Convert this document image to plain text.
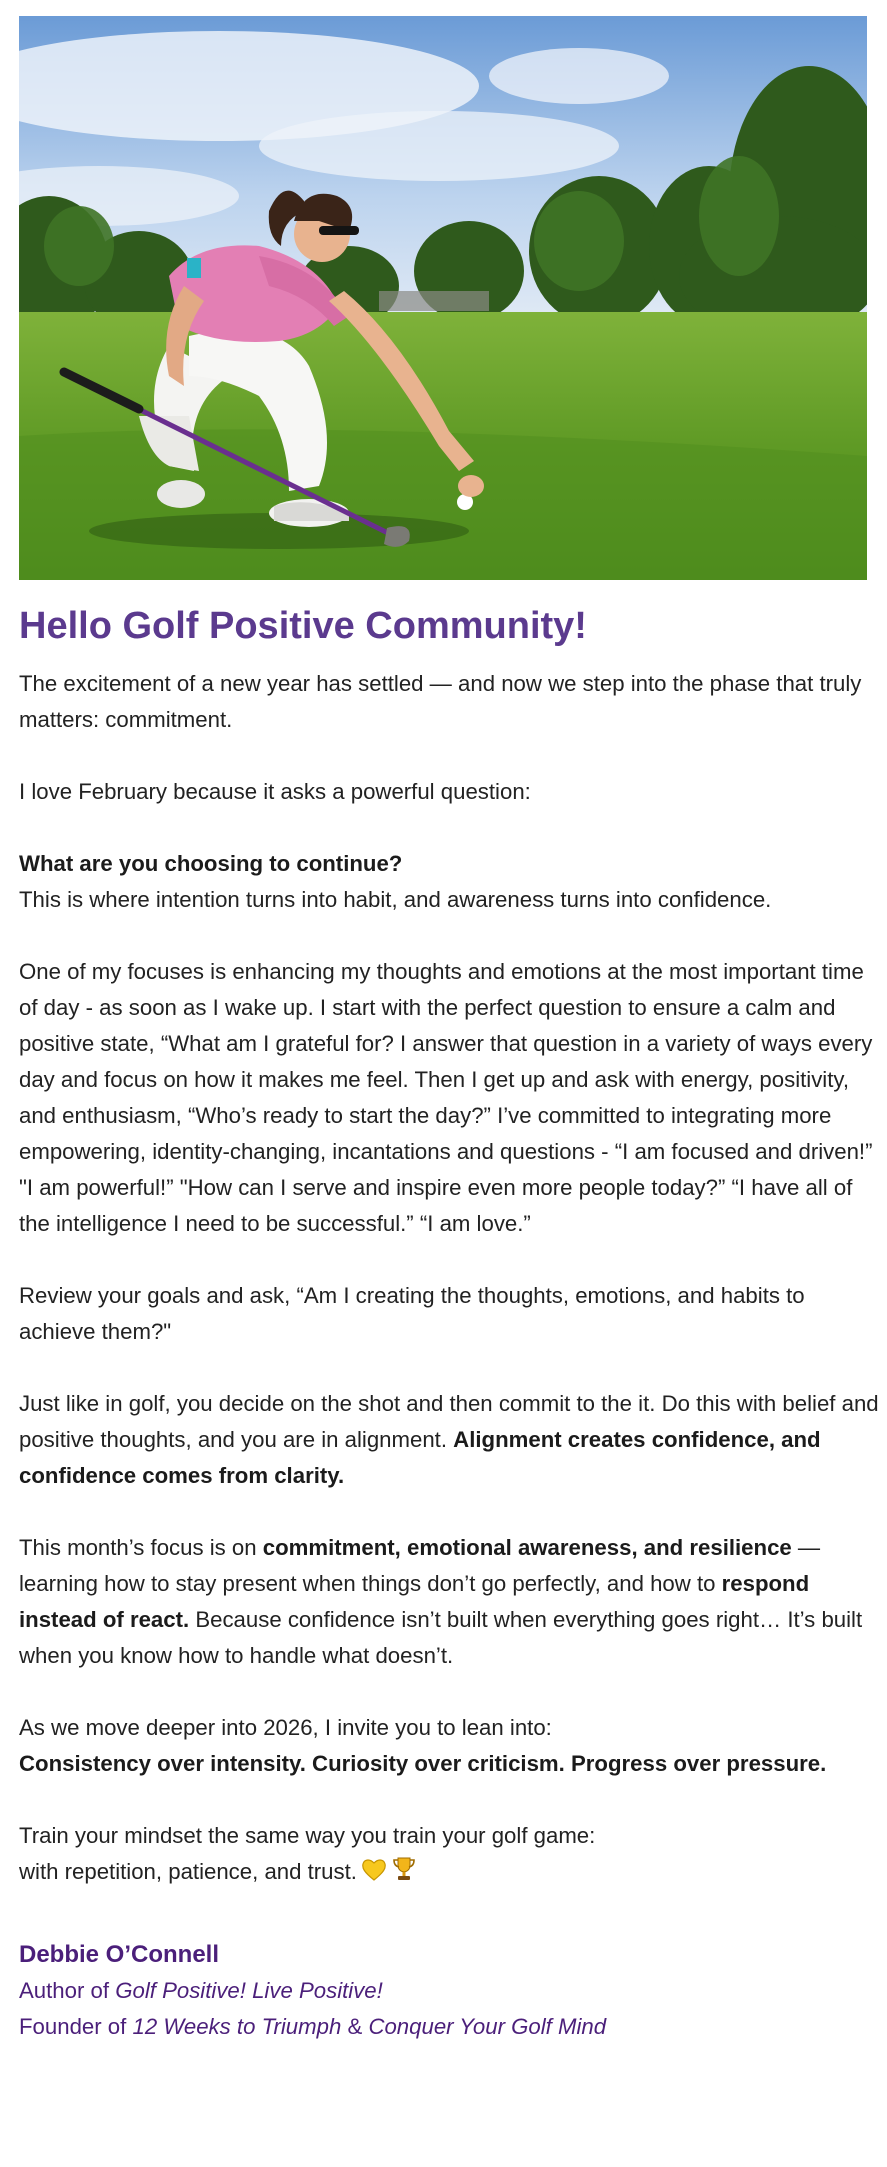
Hello Golf Positive Community!

The excitement of a new year has settled — and now we step into the phase that truly matters: commitment.

I love February because it asks a powerful question:

What are you choosing to continue?
This is where intention turns into habit, and awareness turns into confidence.

One of my focuses is enhancing my thoughts and emotions at the most important time of day - as soon as I wake up. I start with the perfect question to ensure a calm and positive state, “What am I grateful for? I answer that question in a variety of ways every day and focus on how it makes me feel. Then I get up and ask with energy, positivity, and enthusiasm, “Who’s ready to start the day?” I’ve committed to integrating more empowering, identity-changing, incantations and questions - “I am focused and driven!” "I am powerful!” "How can I serve and inspire even more people today?” “I have all of the intelligence I need to be successful.” “I am love.”

Review your goals and ask, “Am I creating the thoughts, emotions, and habits to achieve them?"

Just like in golf, you decide on the shot and then commit to the it. Do this with belief and positive thoughts, and you are in alignment. Alignment creates confidence, and confidence comes from clarity.

This month’s focus is on commitment, emotional awareness, and resilience — learning how to stay present when things don’t go perfectly, and how to respond instead of react. Because confidence isn’t built when everything goes right… It’s built when you know how to handle what doesn’t.

As we move deeper into 2026, I invite you to lean into:
Consistency over intensity. Curiosity over criticism. Progress over pressure.

Train your mindset the same way you train your golf game:
with repetition, patience, and trust.

Debbie O’Connell

Author of Golf Positive! Live Positive!

Founder of 12 Weeks to Triumph & Conquer Your Golf Mind
